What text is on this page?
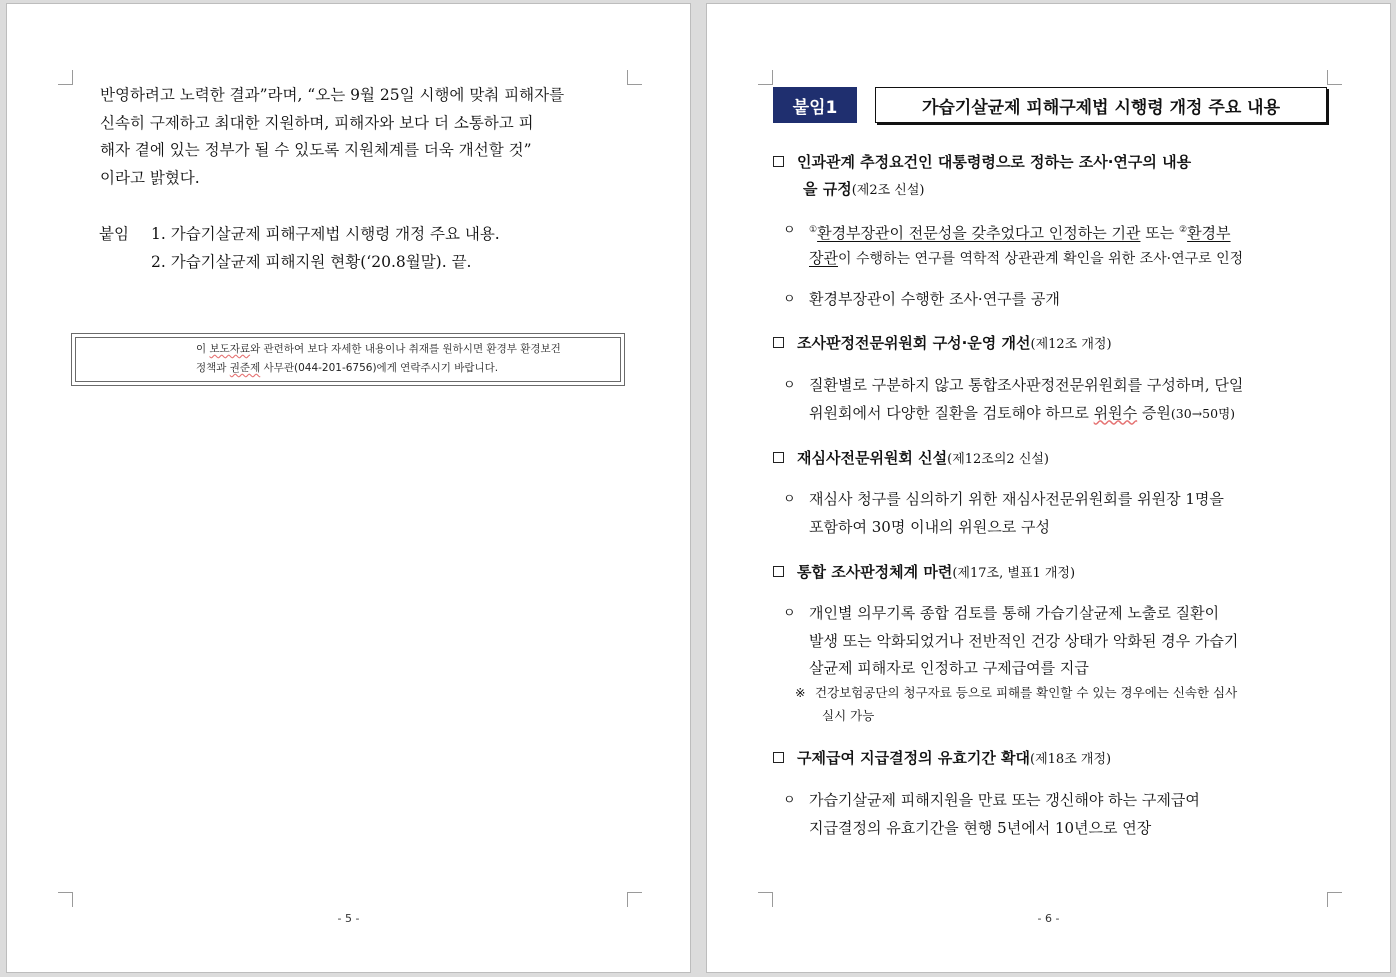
반영하려고 노력한 결과”라며, “오는 9월 25일 시행에 맞춰 피해자를
신속히 구제하고 최대한 지원하며, 피해자와 보다 더 소통하고 피
해자 곁에 있는 정부가 될 수 있도록 지원체계를 더욱 개선할 것”
이라고 밝혔다.
붙임 1. 가습기살균제 피해구제법 시행령 개정 주요 내용.
2. 가습기살균제 피해지원 현황(‘20.8월말). 끝.
이 보도자료와 관련하여 보다 자세한 내용이나 취재를 원하시면 환경부 환경보건
정책과 권준제 사무관(044-201-6756)에게 연락주시기 바랍니다.
- 5 -
붙임1	가습기살균제 피해구제법 시행령 개정 주요 내용
인과관계 추정요건인 대통령령으로 정하는 조사·연구의 내용
을 규정(제2조 신설)
ㅇ ①환경부장관이 전문성을 갖추었다고 인정하는 기관 또는 ②환경부
장관이 수행하는 연구를 역학적 상관관계 확인을 위한 조사·연구로 인정
ㅇ 환경부장관이 수행한 조사·연구를 공개
조사판정전문위원회 구성·운영 개선(제12조 개정)
ㅇ 질환별로 구분하지 않고 통합조사판정전문위원회를 구성하며, 단일
위원회에서 다양한 질환을 검토해야 하므로 위원수 증원(30→50명)
재심사전문위원회 신설(제12조의2 신설)
ㅇ 재심사 청구를 심의하기 위한 재심사전문위원회를 위원장 1명을
포함하여 30명 이내의 위원으로 구성
통합 조사판정체계 마련(제17조, 별표1 개정)
ㅇ 개인별 의무기록 종합 검토를 통해 가습기살균제 노출로 질환이
발생 또는 악화되었거나 전반적인 건강 상태가 악화된 경우 가습기
살균제 피해자로 인정하고 구제급여를 지급
※ 건강보험공단의 청구자료 등으로 피해를 확인할 수 있는 경우에는 신속한 심사
실시 가능
구제급여 지급결정의 유효기간 확대(제18조 개정)
ㅇ 가습기살균제 피해지원을 만료 또는 갱신해야 하는 구제급여
지급결정의 유효기간을 현행 5년에서 10년으로 연장
- 6 -
